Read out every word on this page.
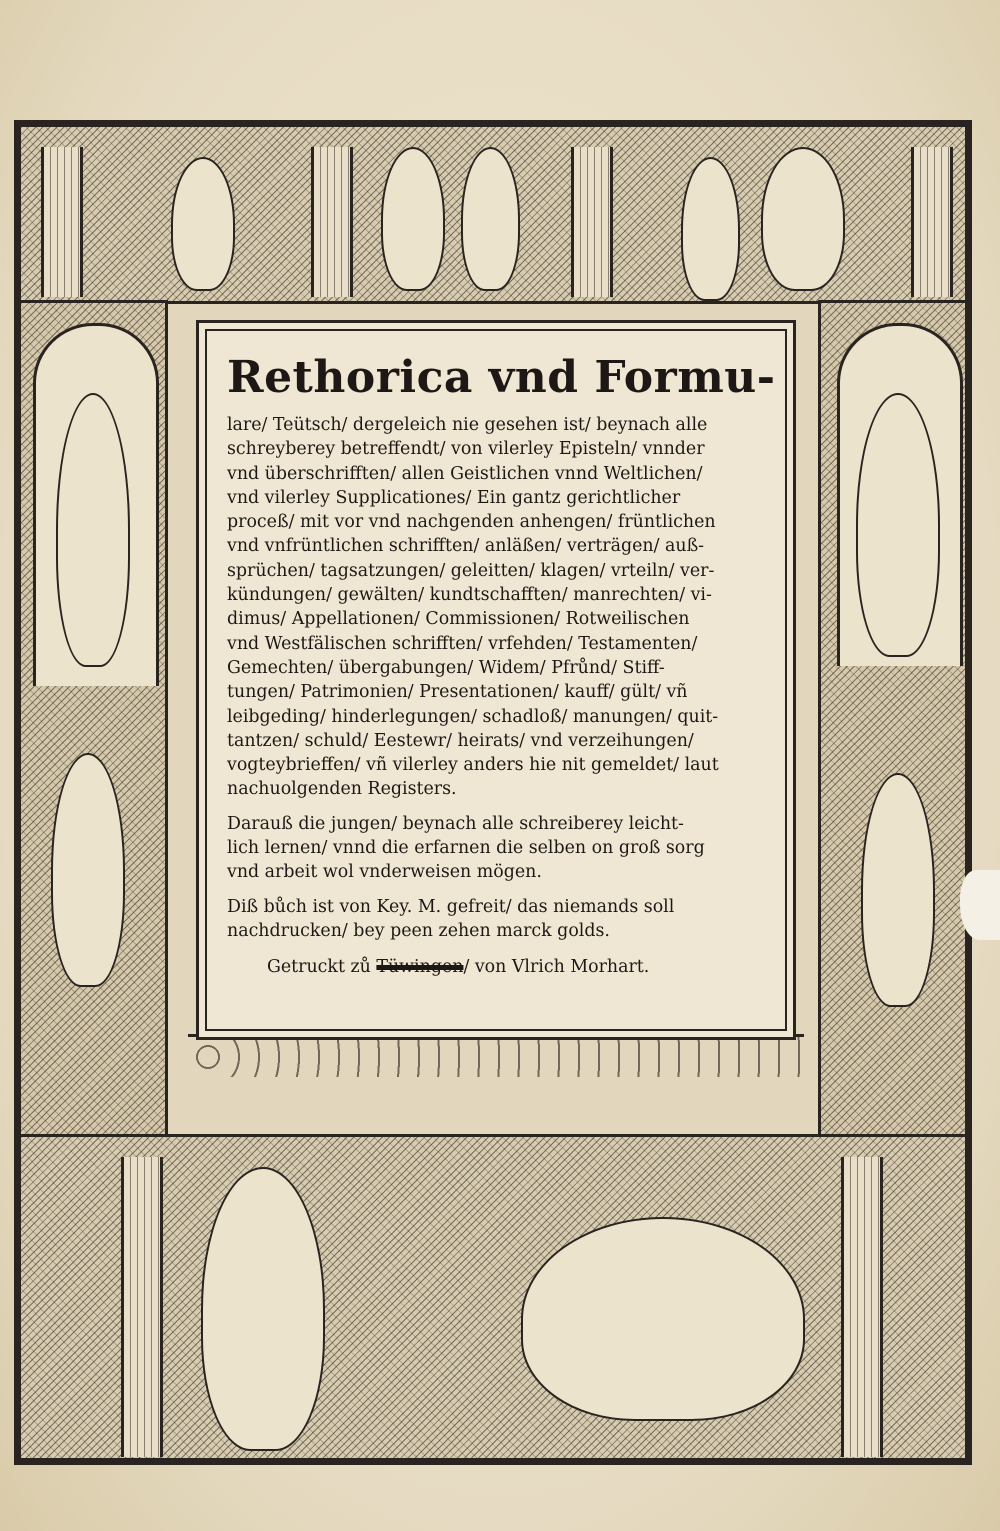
Rethorica vnd Formu-
lare/ Teütsch/ dergeleich nie gesehen ist/ beynach alle
schreyberey betreffendt/ von vilerley Episteln/ vnnder
vnd überschrifften/ allen Geistlichen vnnd Weltlichen/
vnd vilerley Supplicationes/ Ein gantz gerichtlicher
proceß/ mit vor vnd nachgenden anhengen/ früntlichen
vnd vnfrüntlichen schrifften/ anläßen/ verträgen/ auß-
sprüchen/ tagsatzungen/ geleitten/ klagen/ vrteiln/ ver-
kündungen/ gewälten/ kundtschafften/ manrechten/ vi-
dimus/ Appellationen/ Commissionen/ Rotweilischen
vnd Westfälischen schrifften/ vrfehden/ Testamenten/
Gemechten/ übergabungen/ Widem/ Pfrůnd/ Stiff-
tungen/ Patrimonien/ Presentationen/ kauff/ gült/ vñ
leibgeding/ hinderlegungen/ schadloß/ manungen/ quit-
tantzen/ schuld/ Eestewr/ heirats/ vnd verzeihungen/
vogteybrieffen/ vñ vilerley anders hie nit gemeldet/ laut
nachuolgenden Registers.
Darauß die jungen/ beynach alle schreiberey leicht-
lich lernen/ vnnd die erfarnen die selben on groß sorg
vnd arbeit wol vnderweisen mögen.
Diß bůch ist von Key. M. gefreit/ das niemands soll
nachdrucken/ bey peen zehen marck golds.
Getruckt zů Tüwingen/ von Vlrich Morhart.
